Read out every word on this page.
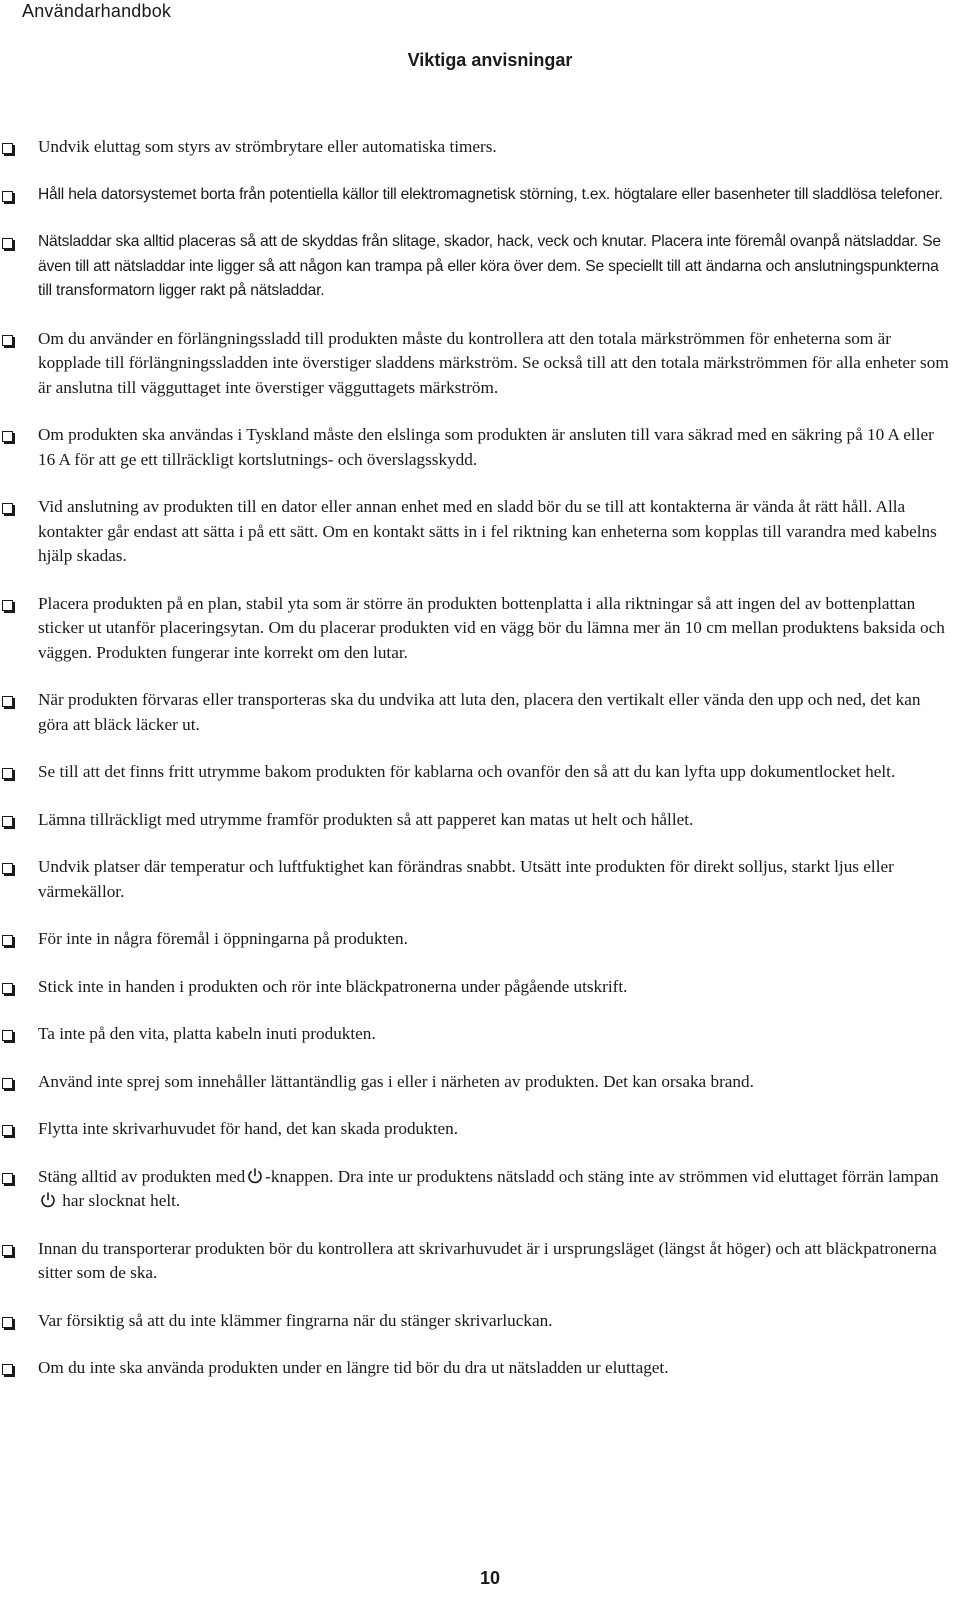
Användarhandbok
Viktiga anvisningar

Undvik eluttag som styrs av strömbrytare eller automatiska timers.

Håll hela datorsystemet borta från potentiella källor till elektromagnetisk störning, t.ex. högtalare eller basenheter till sladdlösa telefoner.

Nätsladdar ska alltid placeras så att de skyddas från slitage, skador, hack, veck och knutar. Placera inte föremål ovanpå nätsladdar. Se även till att nätsladdar inte ligger så att någon kan trampa på eller köra över dem. Se speciellt till att ändarna och anslutningspunkterna till transformatorn ligger rakt på nätsladdar.

Om du använder en förlängningssladd till produkten måste du kontrollera att den totala märkströmmen för enheterna som är kopplade till förlängningssladden inte överstiger sladdens märkström. Se också till att den totala märkströmmen för alla enheter som är anslutna till vägguttaget inte överstiger vägguttagets märkström.

Om produkten ska användas i Tyskland måste den elslinga som produkten är ansluten till vara säkrad med en säkring på 10 A eller 16 A för att ge ett tillräckligt kortslutnings- och överslagsskydd.

Vid anslutning av produkten till en dator eller annan enhet med en sladd bör du se till att kontakterna är vända åt rätt håll. Alla kontakter går endast att sätta i på ett sätt. Om en kontakt sätts in i fel riktning kan enheterna som kopplas till varandra med kabelns hjälp skadas.

Placera produkten på en plan, stabil yta som är större än produkten bottenplatta i alla riktningar så att ingen del av bottenplattan sticker ut utanför placeringsytan. Om du placerar produkten vid en vägg bör du lämna mer än 10 cm mellan produktens baksida och väggen. Produkten fungerar inte korrekt om den lutar.

När produkten förvaras eller transporteras ska du undvika att luta den, placera den vertikalt eller vända den upp och ned, det kan göra att bläck läcker ut.

Se till att det finns fritt utrymme bakom produkten för kablarna och ovanför den så att du kan lyfta upp dokumentlocket helt.

Lämna tillräckligt med utrymme framför produkten så att papperet kan matas ut helt och hållet.

Undvik platser där temperatur och luftfuktighet kan förändras snabbt. Utsätt inte produkten för direkt solljus, starkt ljus eller värmekällor.

För inte in några föremål i öppningarna på produkten.

Stick inte in handen i produkten och rör inte bläckpatronerna under pågående utskrift.

Ta inte på den vita, platta kabeln inuti produkten.

Använd inte sprej som innehåller lättantändlig gas i eller i närheten av produkten. Det kan orsaka brand.

Flytta inte skrivarhuvudet för hand, det kan skada produkten.

Stäng alltid av produkten med -knappen. Dra inte ur produktens nätsladd och stäng inte av strömmen vid eluttaget förrän lampan  har slocknat helt.

Innan du transporterar produkten bör du kontrollera att skrivarhuvudet är i ursprungsläget (längst åt höger) och att bläckpatronerna sitter som de ska.

Var försiktig så att du inte klämmer fingrarna när du stänger skrivarluckan.

Om du inte ska använda produkten under en längre tid bör du dra ut nätsladden ur eluttaget.

10
